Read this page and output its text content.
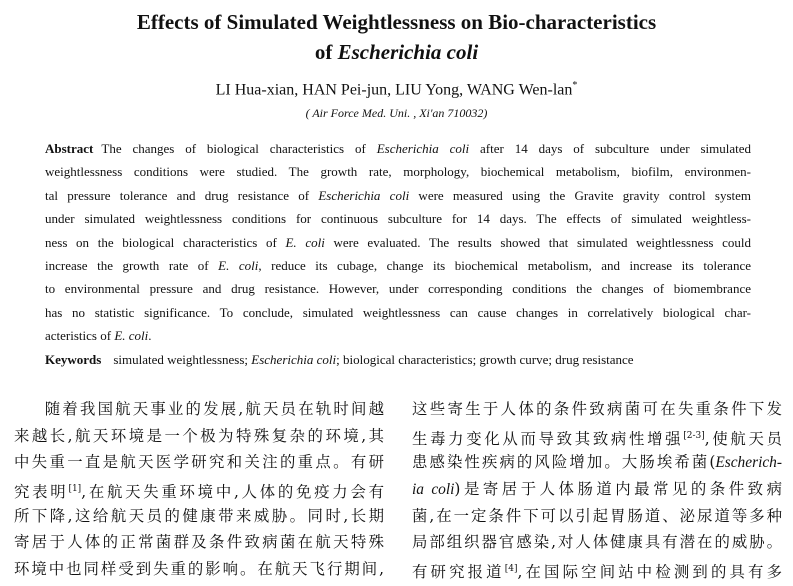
Effects of Simulated Weightlessness on Bio-characteristics
of Escherichia coli
LI Hua-xian, HAN Pei-jun, LIU Yong, WANG Wen-lan*
( Air Force Med. Uni. , Xi'an 710032)
Abstract The changes of biological characteristics of Escherichia coli after 14 days of subculture under simulated
weightlessness conditions were studied. The growth rate, morphology, biochemical metabolism, biofilm, environmen-
tal pressure tolerance and drug resistance of Escherichia coli were measured using the Gravite gravity control system
under simulated weightlessness conditions for continuous subculture for 14 days. The effects of simulated weightless-
ness on the biological characteristics of E. coli were evaluated. The results showed that simulated weightlessness could
increase the growth rate of E. coli, reduce its cubage, change its biochemical metabolism, and increase its tolerance
to environmental pressure and drug resistance. However, under corresponding conditions the changes of biomembrance
has no statistic significance. To conclude, simulated weightlessness can cause changes in correlatively biological char-
acteristics of E. coli.
Keywords simulated weightlessness; Escherichia coli; biological characteristics; growth curve; drug resistance
随着我国航天事业的发展,航天员在轨时间越
来越长,航天环境是一个极为特殊复杂的环境,其
中失重一直是航天医学研究和关注的重点。有研
究表明[1],在航天失重环境中,人体的免疫力会有
所下降,这给航天员的健康带来威胁。同时,长期
寄居于人体的正常菌群及条件致病菌在航天特殊
环境中也同样受到失重的影响。在航天飞行期间,
这些寄生于人体的条件致病菌可在失重条件下发
生毒力变化从而导致其致病性增强[2-3],使航天员
患感染性疾病的风险增加。大肠埃希菌(Escherich-
ia coli)是寄居于人体肠道内最常见的条件致病
菌,在一定条件下可以引起胃肠道、泌尿道等多种
局部组织器官感染,对人体健康具有潜在的威胁。
有研究报道[4],在国际空间站中检测到的具有多
